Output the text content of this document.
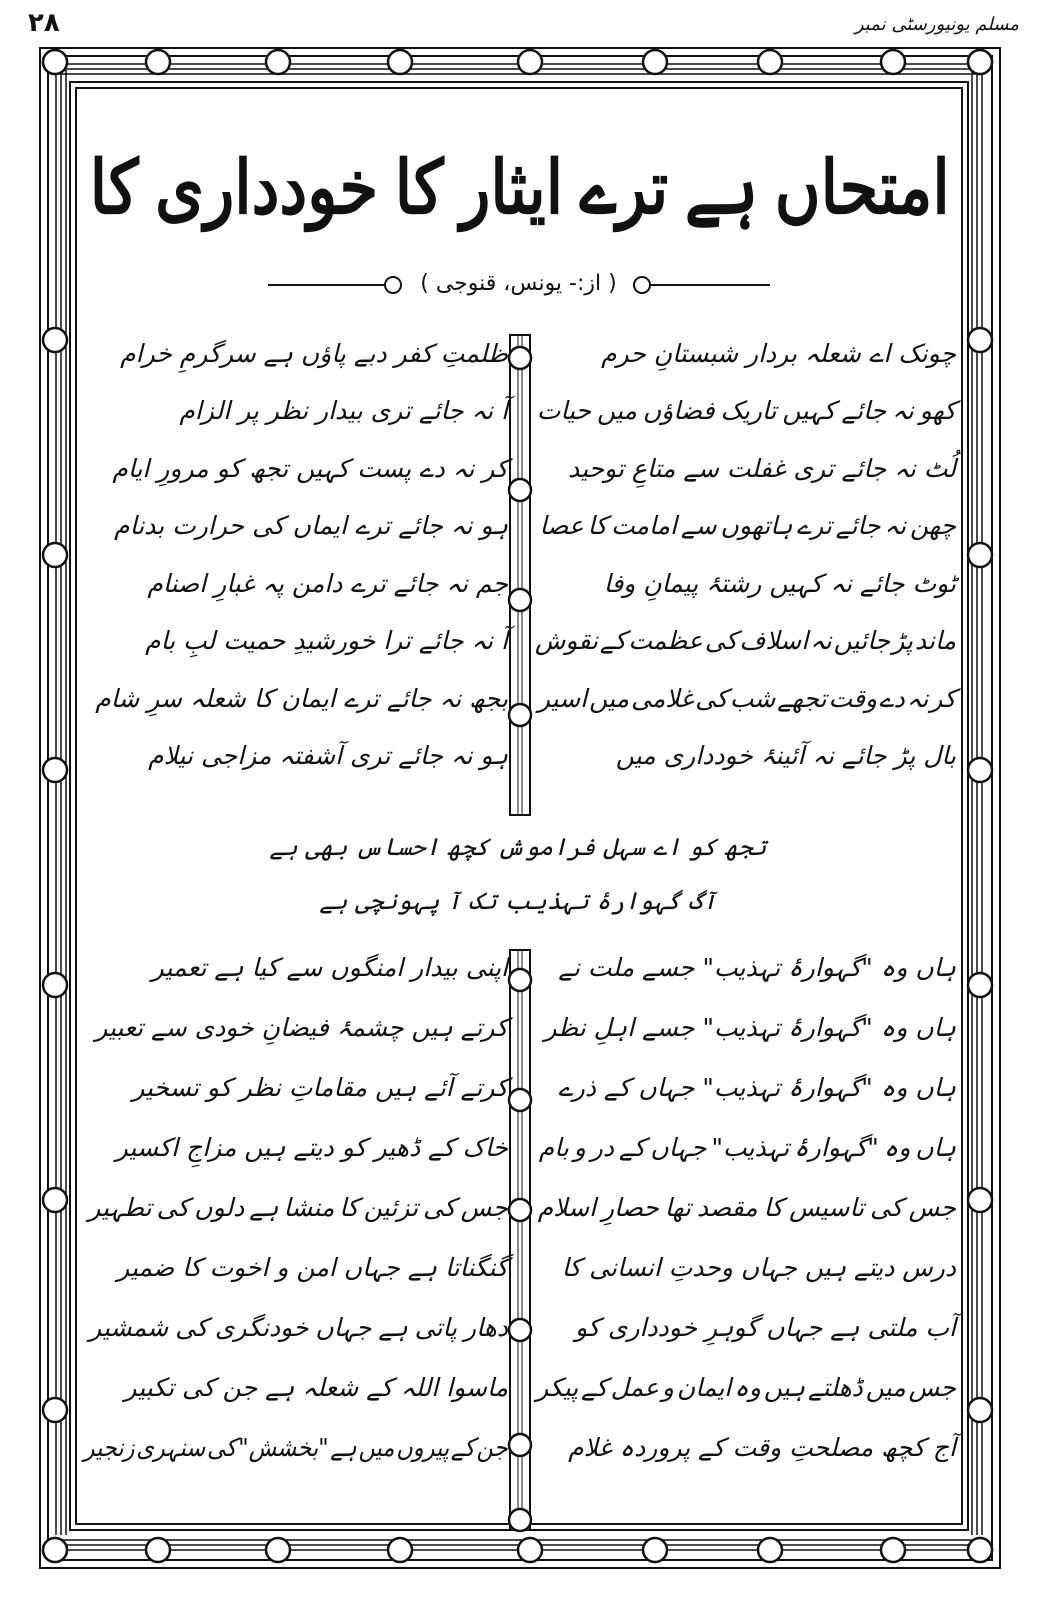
۲۸	مسلم یونیورسٹی نمبر
امتحاں ہے ترے ایثار کا خودداری کا
( از:- یونس، قنوجی )
چونک اے شعلہ بردار شبستانِ حرم
ظلمتِ کفر دبے پاؤں ہے سرگرمِ خرام
کھو نہ جائے کہیں تاریک فضاؤں میں حیات
آ نہ جائے تری بیدار نظر پر الزام
لُٹ نہ جائے تری غفلت سے متاعِ توحید
کر نہ دے پست کہیں تجھ کو مرورِ ایام
چھن نہ جائے ترے ہاتھوں سے امامت کا عصا
ہو نہ جائے ترے ایماں کی حرارت بدنام
ٹوٹ جائے نہ کہیں رشتۂ پیمانِ وفا
جم نہ جائے ترے دامن پہ غبارِ اصنام
ماند پڑ جائیں نہ اسلاف کی عظمت کے نقوش
آ نہ جائے ترا خورشیدِ حمیت لبِ بام
کر نہ دے وقت تجھے شب کی غلامی میں اسیر
بجھ نہ جائے ترے ایمان کا شعلہ سرِ شام
بال پڑ جائے نہ آئینۂ خودداری میں
ہو نہ جائے تری آشفتہ مزاجی نیلام
تجھ کو اے سہل فراموش کچھ احساس بھی ہے
آگ گہوارۂ تہذیب تک آ پہونچی ہے
ہاں وہ "گہوارۂ تہذیب" جسے ملت نے
اپنی بیدار امنگوں سے کیا ہے تعمیر
ہاں وہ "گہوارۂ تہذیب" جسے اہلِ نظر
کرتے ہیں چشمۂ فیضانِ خودی سے تعبیر
ہاں وہ "گہوارۂ تہذیب" جہاں کے ذرے
کرتے آئے ہیں مقاماتِ نظر کو تسخیر
ہاں وہ "گہوارۂ تہذیب" جہاں کے در و بام
خاک کے ڈھیر کو دیتے ہیں مزاجِ اکسیر
جس کی تاسیس کا مقصد تھا حصارِ اسلام
جس کی تزئین کا منشا ہے دلوں کی تطہیر
درس دیتے ہیں جہاں وحدتِ انسانی کا
گنگناتا ہے جہاں امن و اخوت کا ضمیر
آب ملتی ہے جہاں گوہرِ خودداری کو
دھار پاتی ہے جہاں خودنگری کی شمشیر
جس میں ڈھلتے ہیں وہ ایمان و عمل کے پیکر
ماسوا اللہ کے شعلہ ہے جن کی تکبیر
آج کچھ مصلحتِ وقت کے پروردہ غلام
جن کے پیروں میں ہے "بخشش" کی سنہری زنجیر
